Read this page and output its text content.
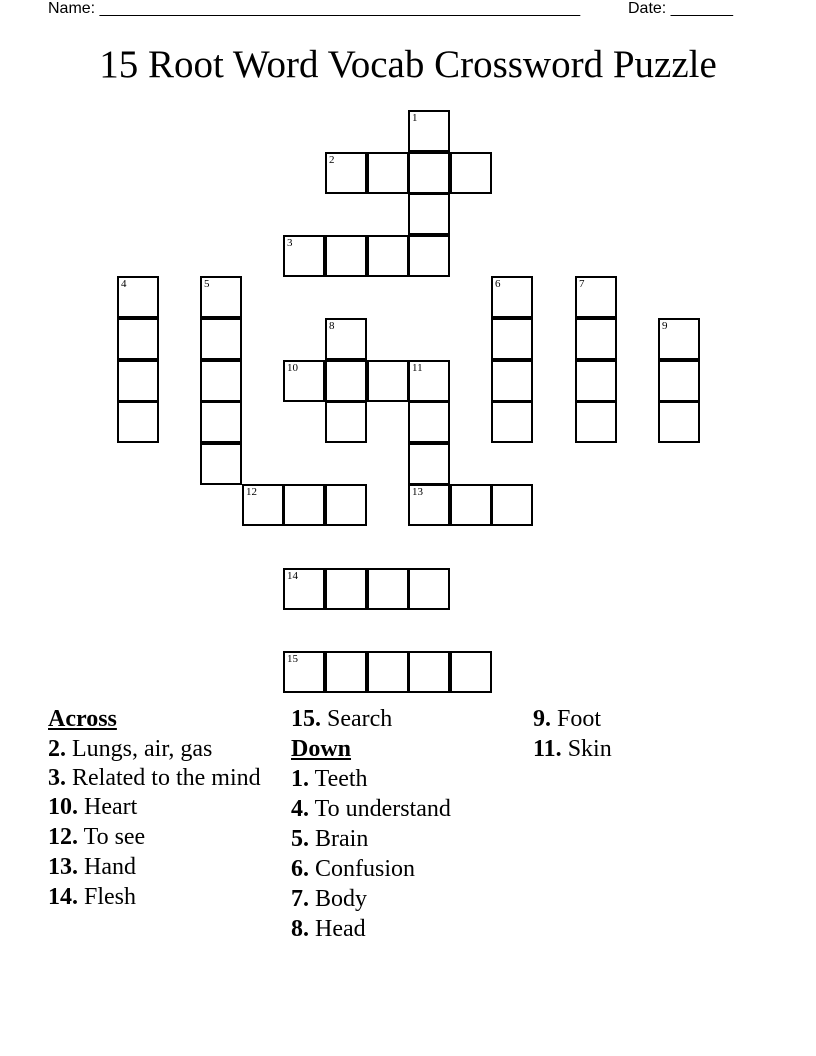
Name: ______________________________________________________	Date: _______
15 Root Word Vocab Crossword Puzzle
1
2
3
4	5	6	7
8	9
10	11
12	13
14
15

Across

2. Lungs, air, gas

3. Related to the mind

10. Heart

12. To see

13. Hand

14. Flesh

15. Search

Down

1. Teeth

4. To understand

5. Brain

6. Confusion

7. Body

8. Head

9. Foot

11. Skin
